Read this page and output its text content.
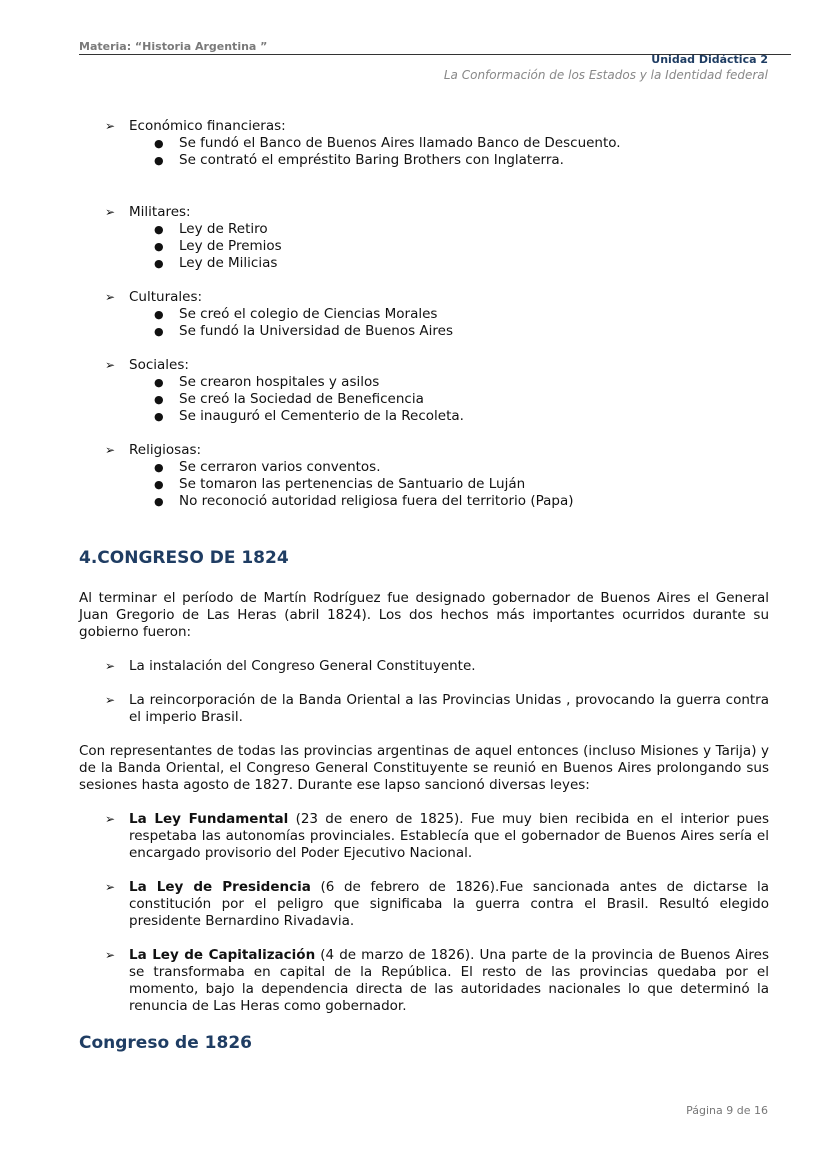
Materia: “Historia Argentina ”
Unidad Didáctica 2
La Conformación de los Estados y la Identidad federal
➢ Económico financieras:
● Se fundó el Banco de Buenos Aires llamado Banco de Descuento.
● Se contrató el empréstito Baring Brothers con Inglaterra.
➢ Militares:
● Ley de Retiro
● Ley de Premios
● Ley de Milicias
➢ Culturales:
● Se creó el colegio de Ciencias Morales
● Se fundó la Universidad de Buenos Aires
➢ Sociales:
● Se crearon hospitales y asilos
● Se creó la Sociedad de Beneficencia
● Se inauguró el Cementerio de la Recoleta.
➢ Religiosas:
● Se cerraron varios conventos.
● Se tomaron las pertenencias de Santuario de Luján
● No reconoció autoridad religiosa fuera del territorio (Papa)
4.CONGRESO DE 1824

Al terminar el período de Martín Rodríguez fue designado gobernador de Buenos Aires el General Juan Gregorio de Las Heras (abril 1824). Los dos hechos más importantes ocurridos durante su gobierno fueron:

➢ La instalación del Congreso General Constituyente.
➢ La reincorporación de la Banda Oriental a las Provincias Unidas , provocando la guerra contra el imperio Brasil.

Con representantes de todas las provincias argentinas de aquel entonces (incluso Misiones y Tarija) y de la Banda Oriental, el Congreso General Constituyente se reunió en Buenos Aires prolongando sus sesiones hasta agosto de 1827. Durante ese lapso sancionó diversas leyes:

➢ La Ley Fundamental (23 de enero de 1825). Fue muy bien recibida en el interior pues respetaba las autonomías provinciales. Establecía que el gobernador de Buenos Aires sería el encargado provisorio del Poder Ejecutivo Nacional.
➢ La Ley de Presidencia (6 de febrero de 1826).Fue sancionada antes de dictarse la constitución por el peligro que significaba la guerra contra el Brasil. Resultó elegido presidente Bernardino Rivadavia.
➢ La Ley de Capitalización (4 de marzo de 1826). Una parte de la provincia de Buenos Aires se transformaba en capital de la República. El resto de las provincias quedaba por el momento, bajo la dependencia directa de las autoridades nacionales lo que determinó la renuncia de Las Heras como gobernador.
Congreso de 1826
Página 9 de 16
